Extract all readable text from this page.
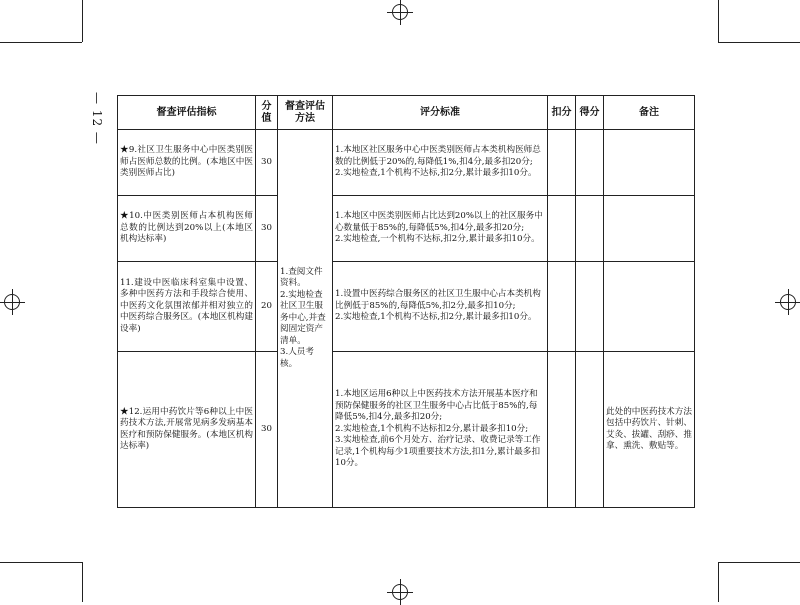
— 12 —	督查评估指标	分值	督查评估
方法	评分标准	扣分	得分	备注
★9.社区卫生服务中心中医类别医师占医师总数的比例。(本地区中医类别医师占比)	30	1.查阅文件资料。
2.实地检查社区卫生服务中心,并查阅固定资产清单。
3.人员考核。	1.本地区社区服务中心中医类别医师占本类机构医师总数的比例低于20%的,每降低1%,扣4分,最多扣20分;
2.实地检查,1个机构不达标,扣2分,累计最多扣10分。			
★10.中医类别医师占本机构医师总数的比例达到20%以上(本地区机构达标率)	30		1.本地区中医类别医师占比达到20%以上的社区服务中心数量低于85%的,每降低5%,扣4分,最多扣20分;
2.实地检查,一个机构不达标,扣2分,累计最多扣10分。			
11.建设中医临床科室集中设置、多种中医药方法和手段综合使用、中医药文化氛围浓郁并相对独立的中医药综合服务区。(本地区机构建设率)	20		1.设置中医药综合服务区的社区卫生服中心占本类机构比例低于85%的,每降低5%,扣2分,最多扣10分;
2.实地检查,1个机构不达标,扣2分,累计最多扣10分。			
★12.运用中药饮片等6种以上中医药技术方法,开展常见病多发病基本医疗和预防保健服务。(本地区机构达标率)	30		1.本地区运用6种以上中医药技术方法开展基本医疗和预防保健服务的社区卫生服务中心占比低于85%的,每降低5%,扣4分,最多扣20分;
2.实地检查,1个机构不达标扣2分,累计最多扣10分;
3.实地检查,前6个月处方、治疗记录、收费记录等工作记录,1个机构每少1项重要技术方法,扣1分,累计最多扣10分。			此处的中医药技术方法包括中药饮片、针刺、艾灸、拔罐、刮痧、推拿、熏洗、敷贴等。
